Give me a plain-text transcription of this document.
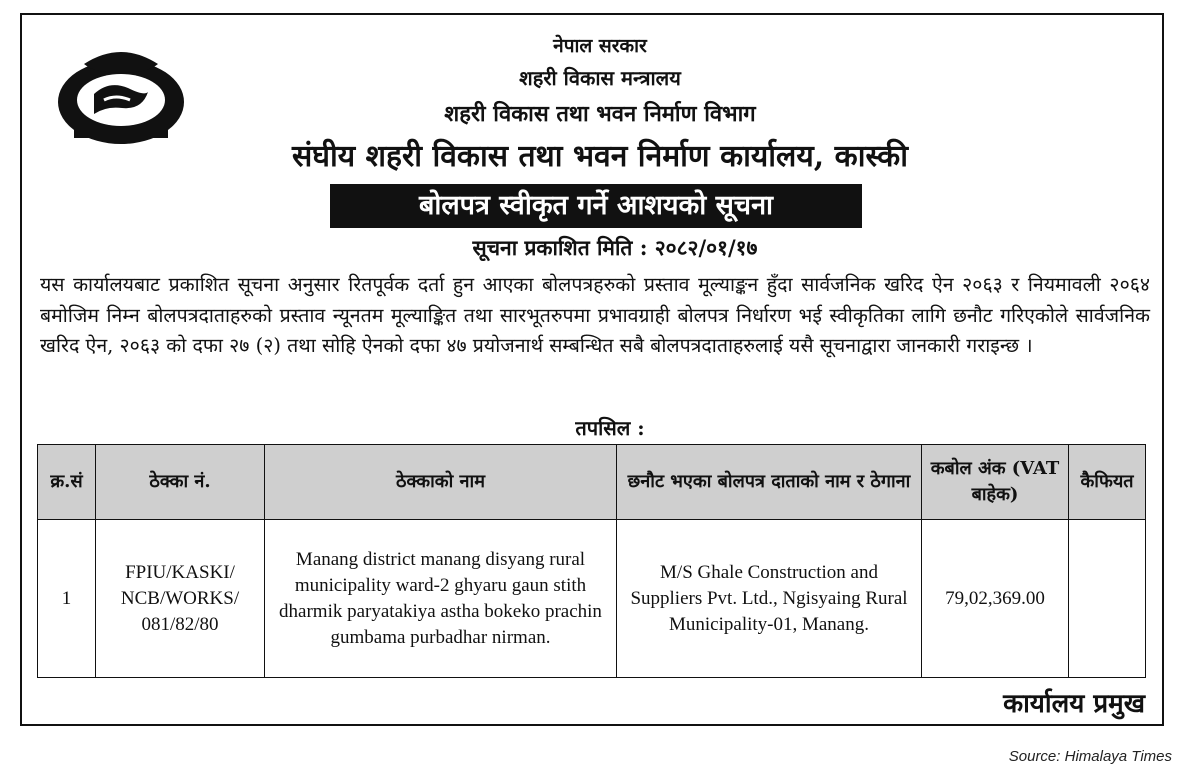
नेपाल सरकार
शहरी विकास मन्त्रालय
शहरी विकास तथा भवन निर्माण विभाग
संघीय शहरी विकास तथा भवन निर्माण कार्यालय, कास्की
बोलपत्र स्वीकृत गर्ने आशयको सूचना
सूचना प्रकाशित मिति : २०८२/०१/१७
यस कार्यालयबाट प्रकाशित सूचना अनुसार रितपूर्वक दर्ता हुन आएका बोलपत्रहरुको प्रस्ताव मूल्याङ्कन हुँदा सार्वजनिक खरिद ऐन २०६३ र नियमावली २०६४ बमोजिम निम्न बोलपत्रदाताहरुको प्रस्ताव न्यूनतम मूल्याङ्कित तथा सारभूतरुपमा प्रभावग्राही बोलपत्र निर्धारण भई स्वीकृतिका लागि छनौट गरिएकोले सार्वजनिक खरिद ऐन, २०६३ को दफा २७ (२) तथा सोहि ऐनको दफा ४७ प्रयोजनार्थ सम्बन्धित सबै बोलपत्रदाताहरुलाई यसै सूचनाद्वारा जानकारी गराइन्छ ।
तपसिल :
क्र.सं	ठेक्का नं.	ठेक्काको नाम	छनौट भएका बोलपत्र दाताको नाम र ठेगाना	कबोल अंक (VAT बाहेक)	कैफियत
1	FPIU/KASKI/ NCB/WORKS/ 081/82/80	Manang district manang disyang rural municipality ward-2 ghyaru gaun stith dharmik paryatakiya astha bokeko prachin gumbama purbadhar nirman.	M/S Ghale Construction and Suppliers Pvt. Ltd., Ngisyaing Rural Municipality-01, Manang.	79,02,369.00	
कार्यालय प्रमुख
Source: Himalaya Times
